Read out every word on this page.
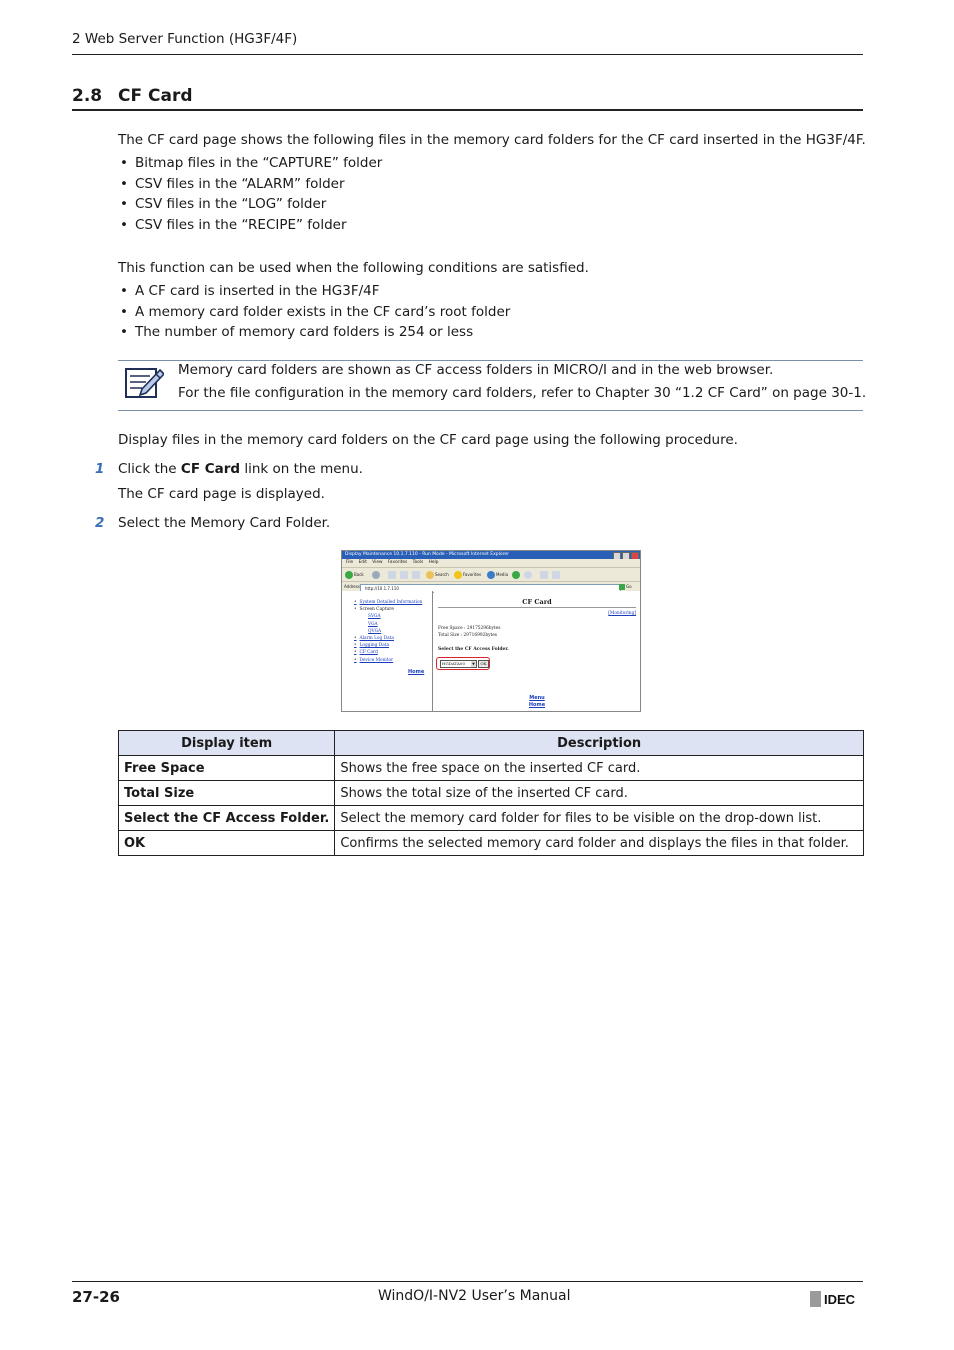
2 Web Server Function (HG3F/4F)
2.8 CF Card
The CF card page shows the following files in the memory card folders for the CF card inserted in the HG3F/4F.
• Bitmap files in the “CAPTURE” folder
• CSV files in the “ALARM” folder
• CSV files in the “LOG” folder
• CSV files in the “RECIPE” folder
This function can be used when the following conditions are satisfied.
• A CF card is inserted in the HG3F/4F
• A memory card folder exists in the CF card’s root folder
• The number of memory card folders is 254 or less
Memory card folders are shown as CF access folders in MICRO/I and in the web browser.
For the file configuration in the memory card folders, refer to Chapter 30 “1.2 CF Card” on page 30-1.
Display files in the memory card folders on the CF card page using the following procedure.
1 Click the CF Card link on the menu.
The CF card page is displayed.
2 Select the Memory Card Folder.
Display Maintenance 10.1.7.110 - Run Mode - Microsoft Internet Explorer
File Edit View Favorites Tools Help
Back	Search	Favorites	Media
Address	http://10.1.7.110	Go
• System Detailed Information
• Screen Capture
SVGA
VGA
QVGA
• Alarm Log Data
• Logging Data
• CF Card
• Device Monitor
Home
CF Card
[Monitoring]
Free Space : 29175296bytes
Total Size : 29716992bytes
Select the CF Access Folder.
HGDATA00	▼	OK
Menu
Home
Display item	Description
Free Space	Shows the free space on the inserted CF card.
Total Size	Shows the total size of the inserted CF card.
Select the CF Access Folder.	Select the memory card folder for files to be visible on the drop-down list.
OK	Confirms the selected memory card folder and displays the files in that folder.
27-26	WindO/I-NV2 User’s Manual	IDEC
